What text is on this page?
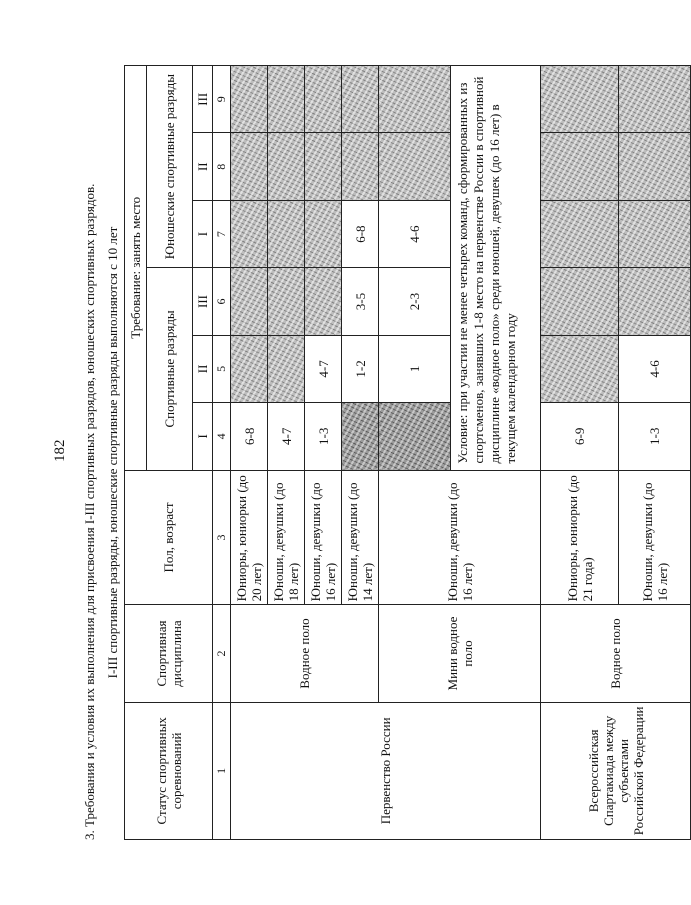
182	3. Требования и условия их выполнения для присвоения I-III спортивных разрядов, юношеских спортивных разрядов. I-III спортивные разряды, юношеские спортивные разряды выполняются с 10 лет
Статус спортивных соревнований	Спортивная дисциплина	Пол, возраст	Требование: занять место					
			Спортивные разряды			Юношеские спортивные разряды		
			I	II	III	I	II	III
1	2	3	4	5	6	7	8	9
Первенство России	Водное поло	Юниоры, юниорки (до 20 лет)	6-8					
		Юноши, девушки (до 18 лет)	4-7					
		Юноши, девушки (до 16 лет)	1-3	4-7				
		Юноши, девушки (до 14 лет)		1-2	3-5	6-8		
	Мини водное поло	Юноши, девушки (до 16 лет)		1	2-3	4-6		
			Условие: при участии не менее четырех команд, сформированных из спортсменов, занявших 1-8 место на первенстве России в спортивной дисциплине «водное поло» среди юношей, девушек (до 16 лет) в текущем календарном году					
Всероссийская Спартакиада между субъектами Российской Федерации	Водное поло	Юниоры, юниорки (до 21 года)	6-9					
		Юноши, девушки (до 16 лет)	1-3	4-6				
